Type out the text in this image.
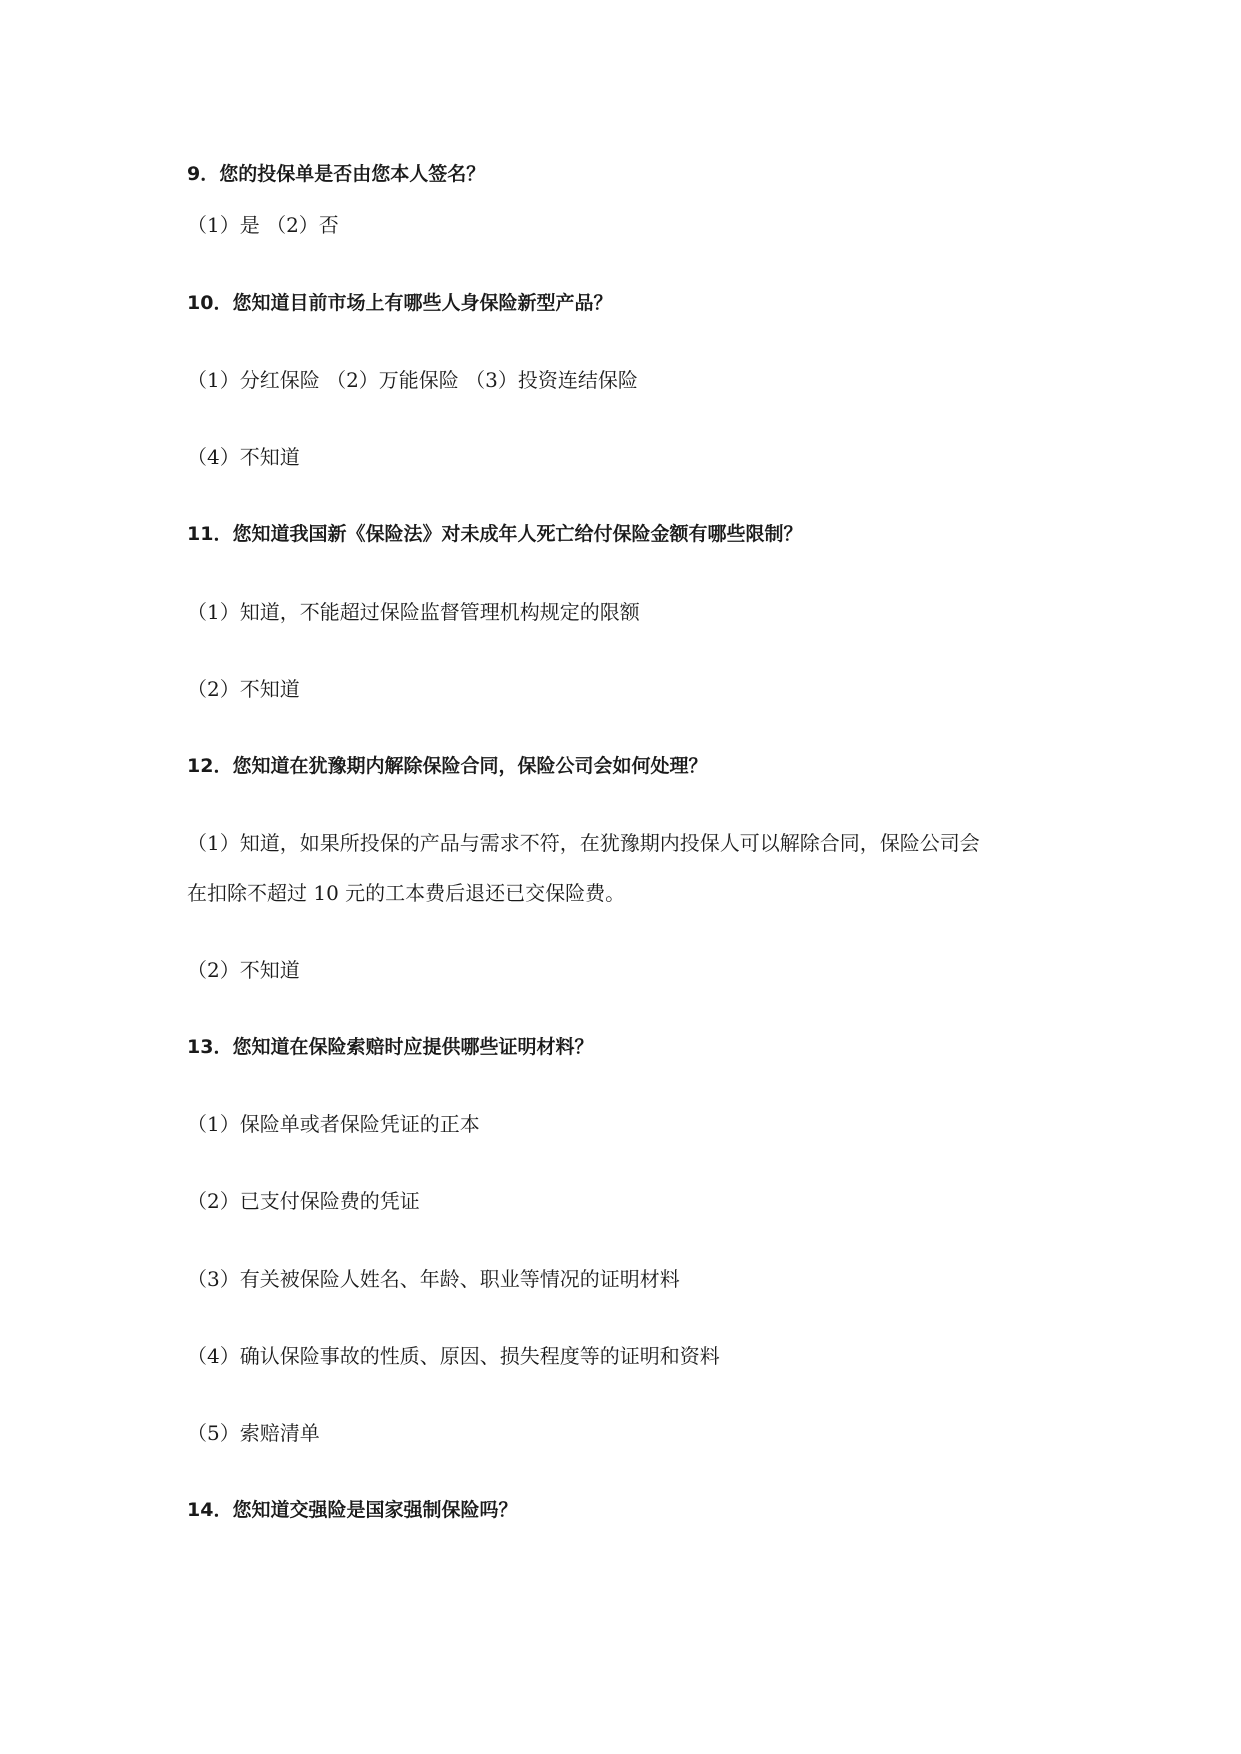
9．您的投保单是否由您本人签名？
（1）是 （2）否
10．您知道目前市场上有哪些人身保险新型产品？
（1）分红保险 （2）万能保险 （3）投资连结保险
（4）不知道
11．您知道我国新《保险法》对未成年人死亡给付保险金额有哪些限制？
（1）知道，不能超过保险监督管理机构规定的限额
（2）不知道
12．您知道在犹豫期内解除保险合同，保险公司会如何处理？
（1）知道，如果所投保的产品与需求不符，在犹豫期内投保人可以解除合同，保险公司会
在扣除不超过 10 元的工本费后退还已交保险费。
（2）不知道
13．您知道在保险索赔时应提供哪些证明材料？
（1）保险单或者保险凭证的正本
（2）已支付保险费的凭证
（3）有关被保险人姓名、年龄、职业等情况的证明材料
（4）确认保险事故的性质、原因、损失程度等的证明和资料
（5）索赔清单
14．您知道交强险是国家强制保险吗？
